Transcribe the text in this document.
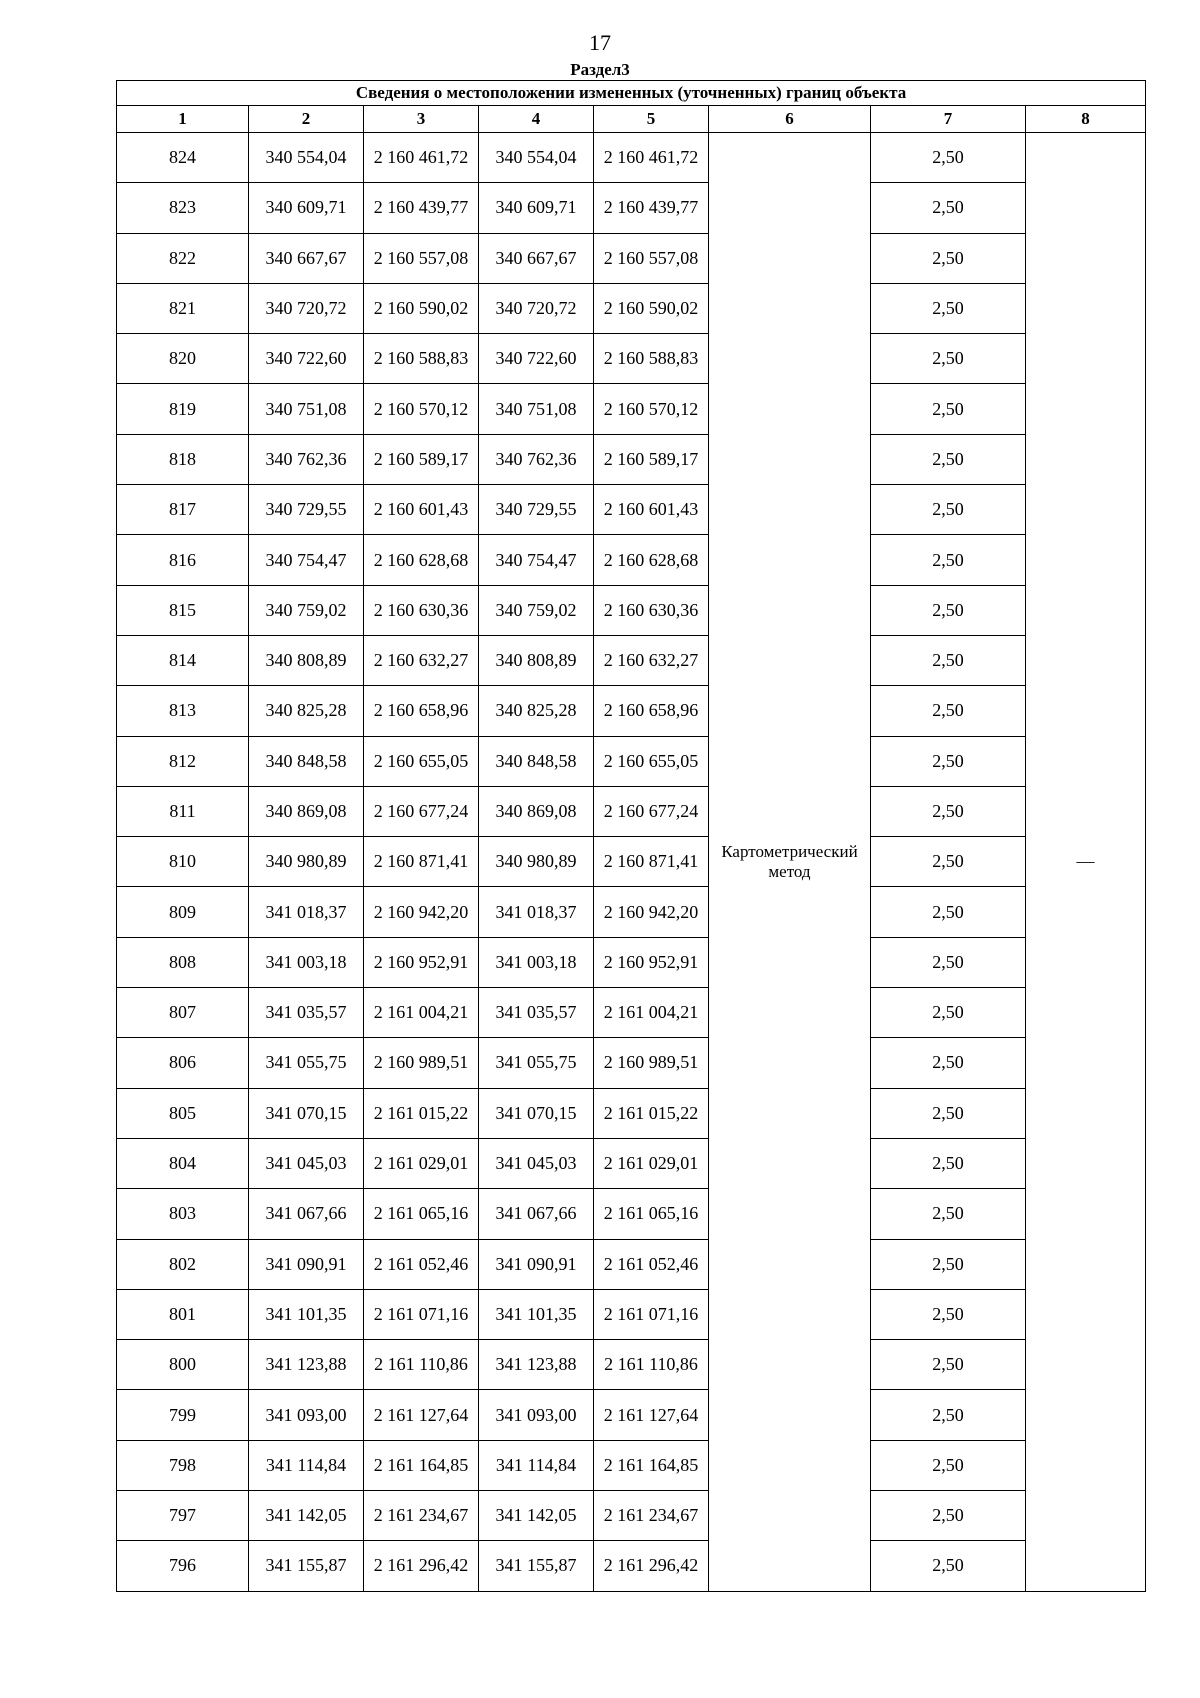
17
Раздел3
Сведения о местоположении измененных (уточненных) границ объекта							
1	2	3	4	5	6	7	8
824	340 554,04	2 160 461,72	340 554,04	2 160 461,72	Картометрический метод	2,50	—
823	340 609,71	2 160 439,77	340 609,71	2 160 439,77		2,50	
822	340 667,67	2 160 557,08	340 667,67	2 160 557,08		2,50	
821	340 720,72	2 160 590,02	340 720,72	2 160 590,02		2,50	
820	340 722,60	2 160 588,83	340 722,60	2 160 588,83		2,50	
819	340 751,08	2 160 570,12	340 751,08	2 160 570,12		2,50	
818	340 762,36	2 160 589,17	340 762,36	2 160 589,17		2,50	
817	340 729,55	2 160 601,43	340 729,55	2 160 601,43		2,50	
816	340 754,47	2 160 628,68	340 754,47	2 160 628,68		2,50	
815	340 759,02	2 160 630,36	340 759,02	2 160 630,36		2,50	
814	340 808,89	2 160 632,27	340 808,89	2 160 632,27		2,50	
813	340 825,28	2 160 658,96	340 825,28	2 160 658,96		2,50	
812	340 848,58	2 160 655,05	340 848,58	2 160 655,05		2,50	
811	340 869,08	2 160 677,24	340 869,08	2 160 677,24		2,50	
810	340 980,89	2 160 871,41	340 980,89	2 160 871,41		2,50	
809	341 018,37	2 160 942,20	341 018,37	2 160 942,20		2,50	
808	341 003,18	2 160 952,91	341 003,18	2 160 952,91		2,50	
807	341 035,57	2 161 004,21	341 035,57	2 161 004,21		2,50	
806	341 055,75	2 160 989,51	341 055,75	2 160 989,51		2,50	
805	341 070,15	2 161 015,22	341 070,15	2 161 015,22		2,50	
804	341 045,03	2 161 029,01	341 045,03	2 161 029,01		2,50	
803	341 067,66	2 161 065,16	341 067,66	2 161 065,16		2,50	
802	341 090,91	2 161 052,46	341 090,91	2 161 052,46		2,50	
801	341 101,35	2 161 071,16	341 101,35	2 161 071,16		2,50	
800	341 123,88	2 161 110,86	341 123,88	2 161 110,86		2,50	
799	341 093,00	2 161 127,64	341 093,00	2 161 127,64		2,50	
798	341 114,84	2 161 164,85	341 114,84	2 161 164,85		2,50	
797	341 142,05	2 161 234,67	341 142,05	2 161 234,67		2,50	
796	341 155,87	2 161 296,42	341 155,87	2 161 296,42		2,50	
